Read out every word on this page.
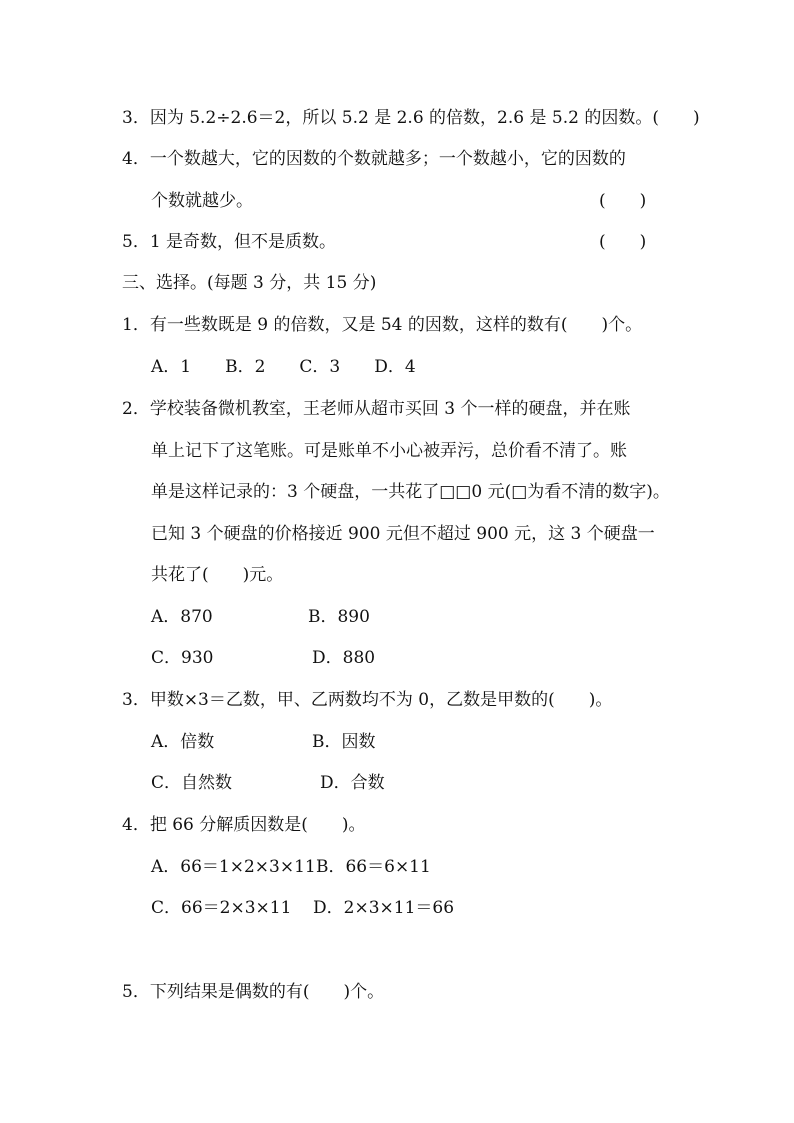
3．因为 5.2÷2.6＝2，所以 5.2 是 2.6 的倍数，2.6 是 5.2 的因数。(　　)
4．一个数越大，它的因数的个数就越多；一个数越小，它的因数的
个数就越少。	(　　)
5．1 是奇数，但不是质数。	(　　)
三、选择。(每题 3 分，共 15 分)
1．有一些数既是 9 的倍数，又是 54 的因数，这样的数有(　　)个。
A．1　　B．2　　C．3　　D．4
2．学校装备微机教室，王老师从超市买回 3 个一样的硬盘，并在账
单上记下了这笔账。可是账单不小心被弄污，总价看不清了。账
单是这样记录的：3 个硬盘，一共花了□□0 元(□为看不清的数字)。
已知 3 个硬盘的价格接近 900 元但不超过 900 元，这 3 个硬盘一
共花了(　　)元。
A．870	B．890
C．930	D．880
3．甲数×3＝乙数，甲、乙两数均不为 0，乙数是甲数的(　　)。
A．倍数	B．因数
C．自然数	D．合数
4．把 66 分解质因数是(　　)。
A．66＝1×2×3×11 B．66＝6×11
C．66＝2×3×11 D．2×3×11＝66
5．下列结果是偶数的有(　　)个。
